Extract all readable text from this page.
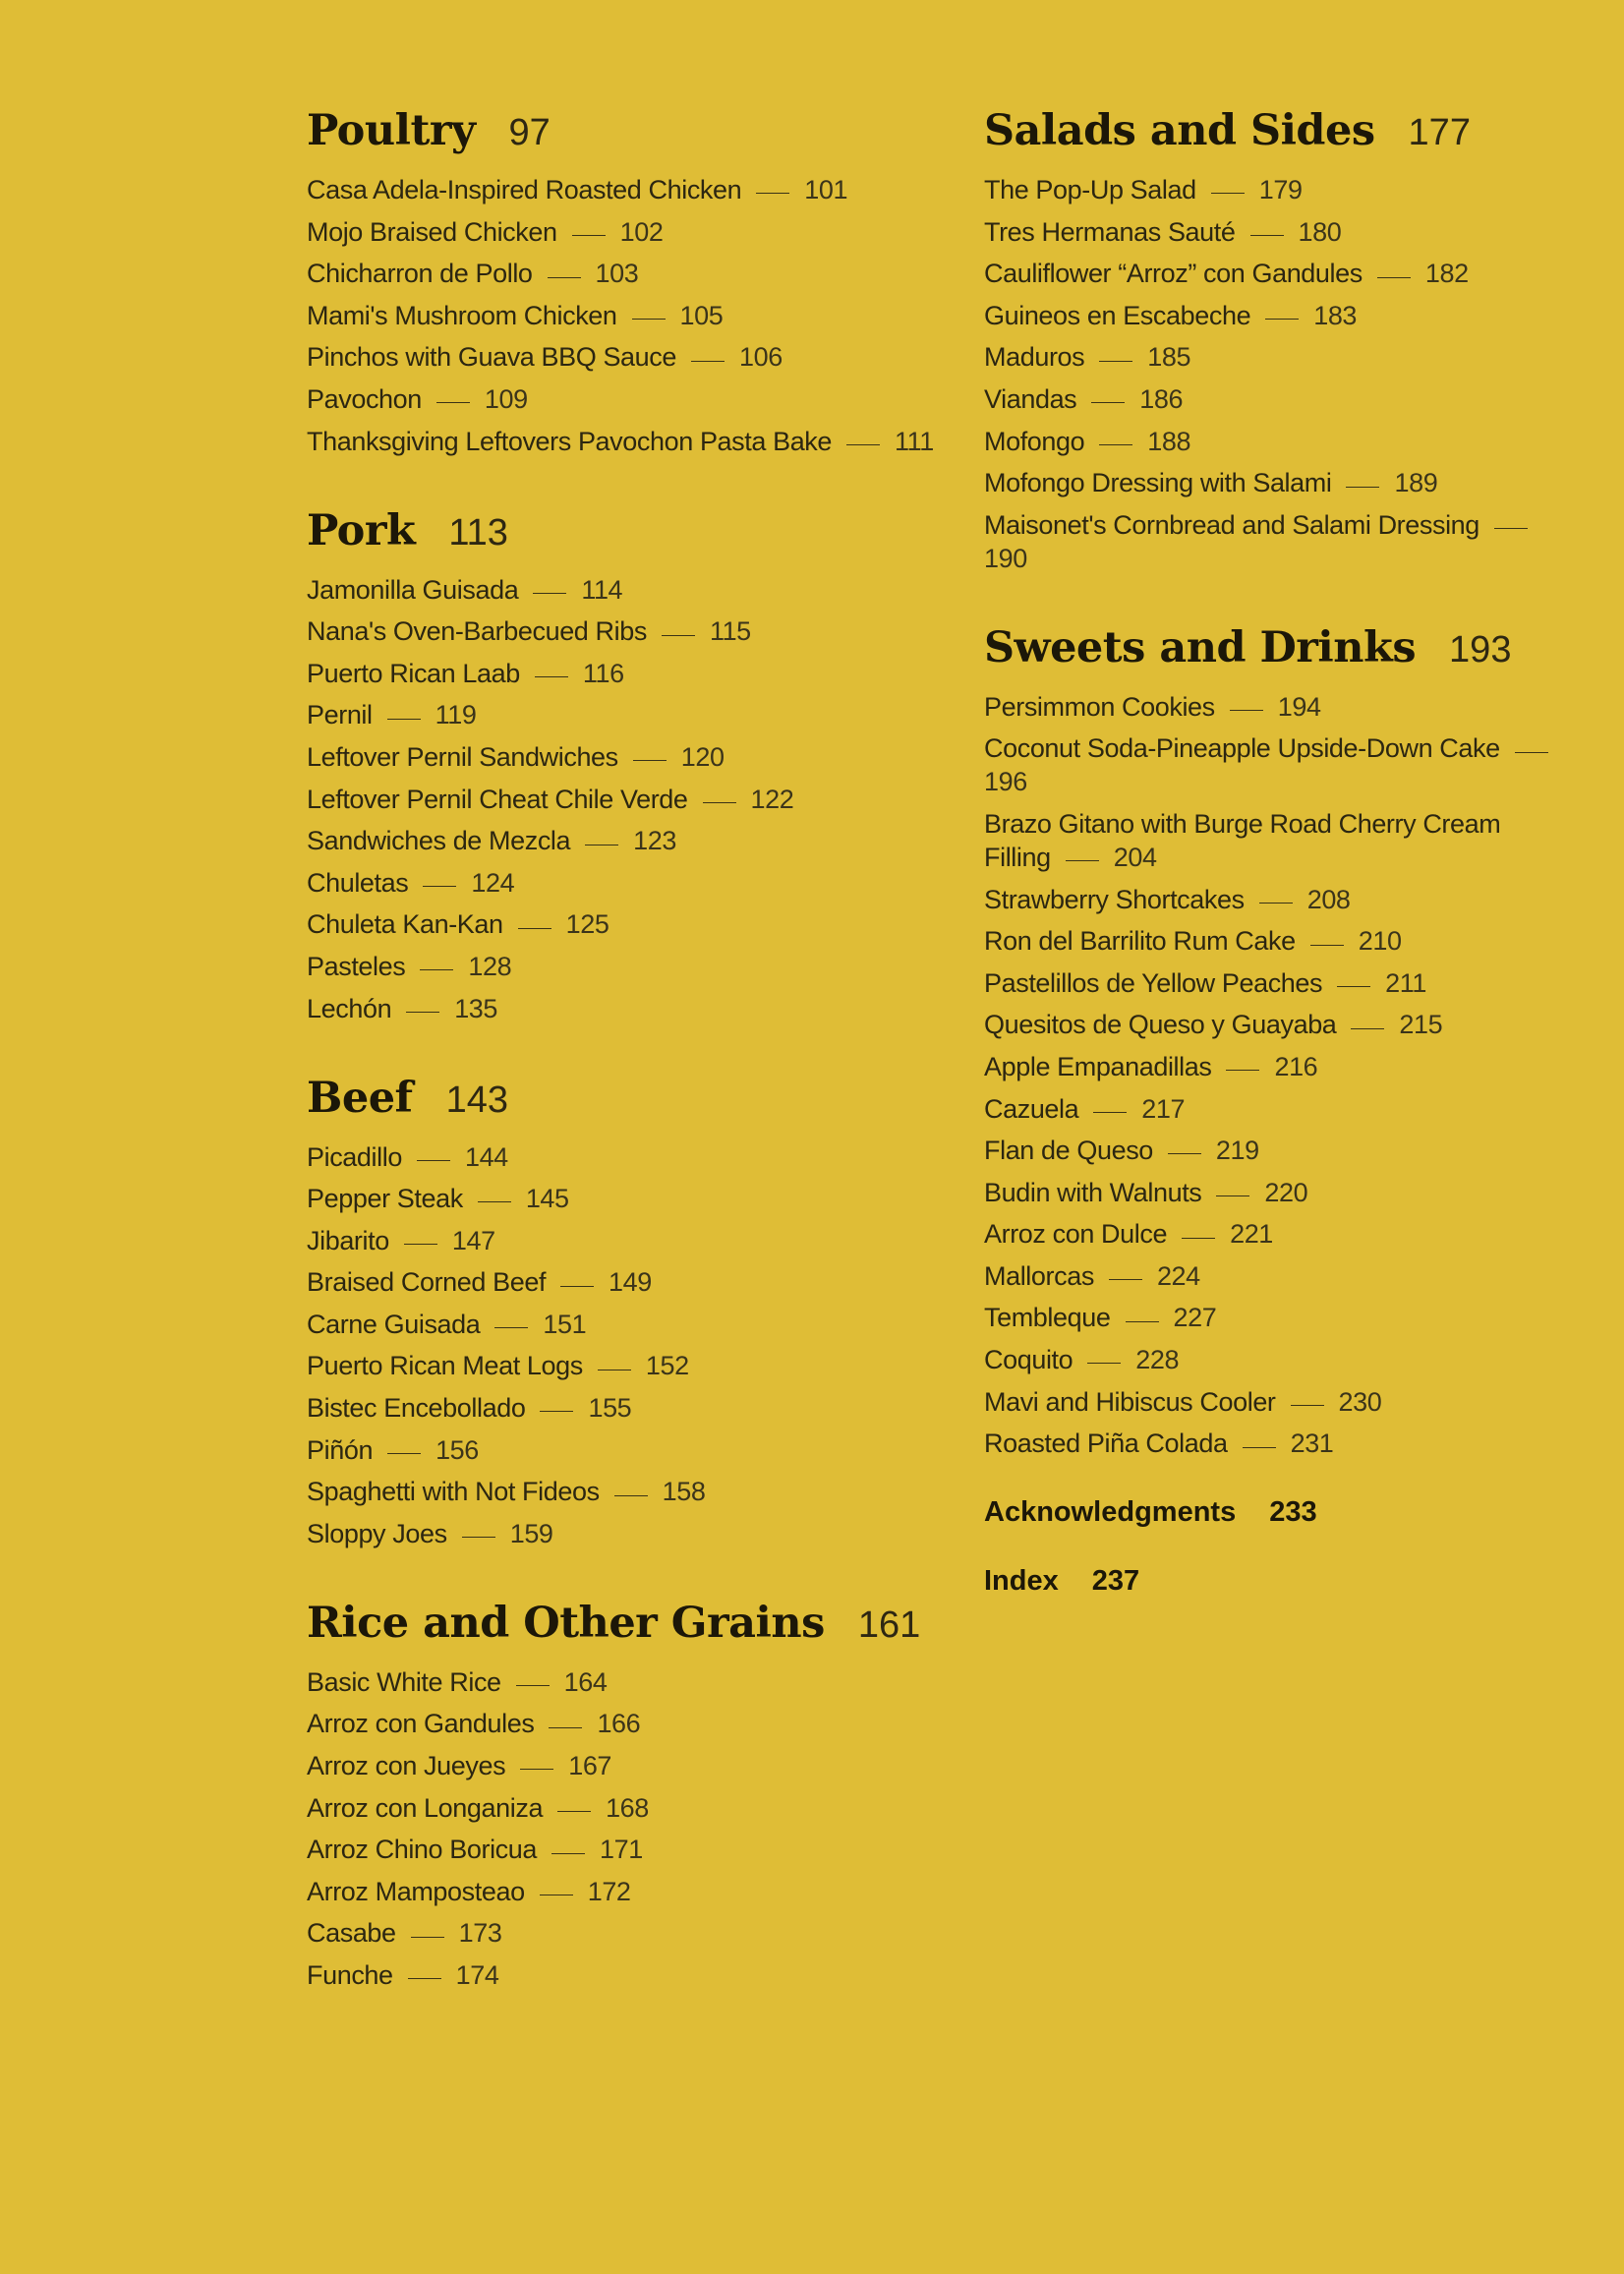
Poultry 97
Casa Adela-Inspired Roasted Chicken 101
Mojo Braised Chicken 102
Chicharron de Pollo 103
Mami's Mushroom Chicken 105
Pinchos with Guava BBQ Sauce 106
Pavochon 109
Thanksgiving Leftovers Pavochon Pasta Bake 111
Pork 113
Jamonilla Guisada 114
Nana's Oven-Barbecued Ribs 115
Puerto Rican Laab 116
Pernil 119
Leftover Pernil Sandwiches 120
Leftover Pernil Cheat Chile Verde 122
Sandwiches de Mezcla 123
Chuletas 124
Chuleta Kan-Kan 125
Pasteles 128
Lechón 135
Beef 143
Picadillo 144
Pepper Steak 145
Jibarito 147
Braised Corned Beef 149
Carne Guisada 151
Puerto Rican Meat Logs 152
Bistec Encebollado 155
Piñón 156
Spaghetti with Not Fideos 158
Sloppy Joes 159
Rice and Other Grains 161
Basic White Rice 164
Arroz con Gandules 166
Arroz con Jueyes 167
Arroz con Longaniza 168
Arroz Chino Boricua 171
Arroz Mamposteao 172
Casabe 173
Funche 174
Salads and Sides 177
The Pop-Up Salad 179
Tres Hermanas Sauté 180
Cauliflower “Arroz” con Gandules 182
Guineos en Escabeche 183
Maduros 185
Viandas 186
Mofongo 188
Mofongo Dressing with Salami 189
Maisonet's Cornbread and Salami Dressing190
Sweets and Drinks 193
Persimmon Cookies 194
Coconut Soda-Pineapple Upside-Down Cake196
Brazo Gitano with Burge Road Cherry Cream Filling 204
Strawberry Shortcakes 208
Ron del Barrilito Rum Cake 210
Pastelillos de Yellow Peaches 211
Quesitos de Queso y Guayaba 215
Apple Empanadillas 216
Cazuela 217
Flan de Queso 219
Budin with Walnuts 220
Arroz con Dulce 221
Mallorcas 224
Tembleque 227
Coquito 228
Mavi and Hibiscus Cooler 230
Roasted Piña Colada 231
Acknowledgments 233
Index 237
